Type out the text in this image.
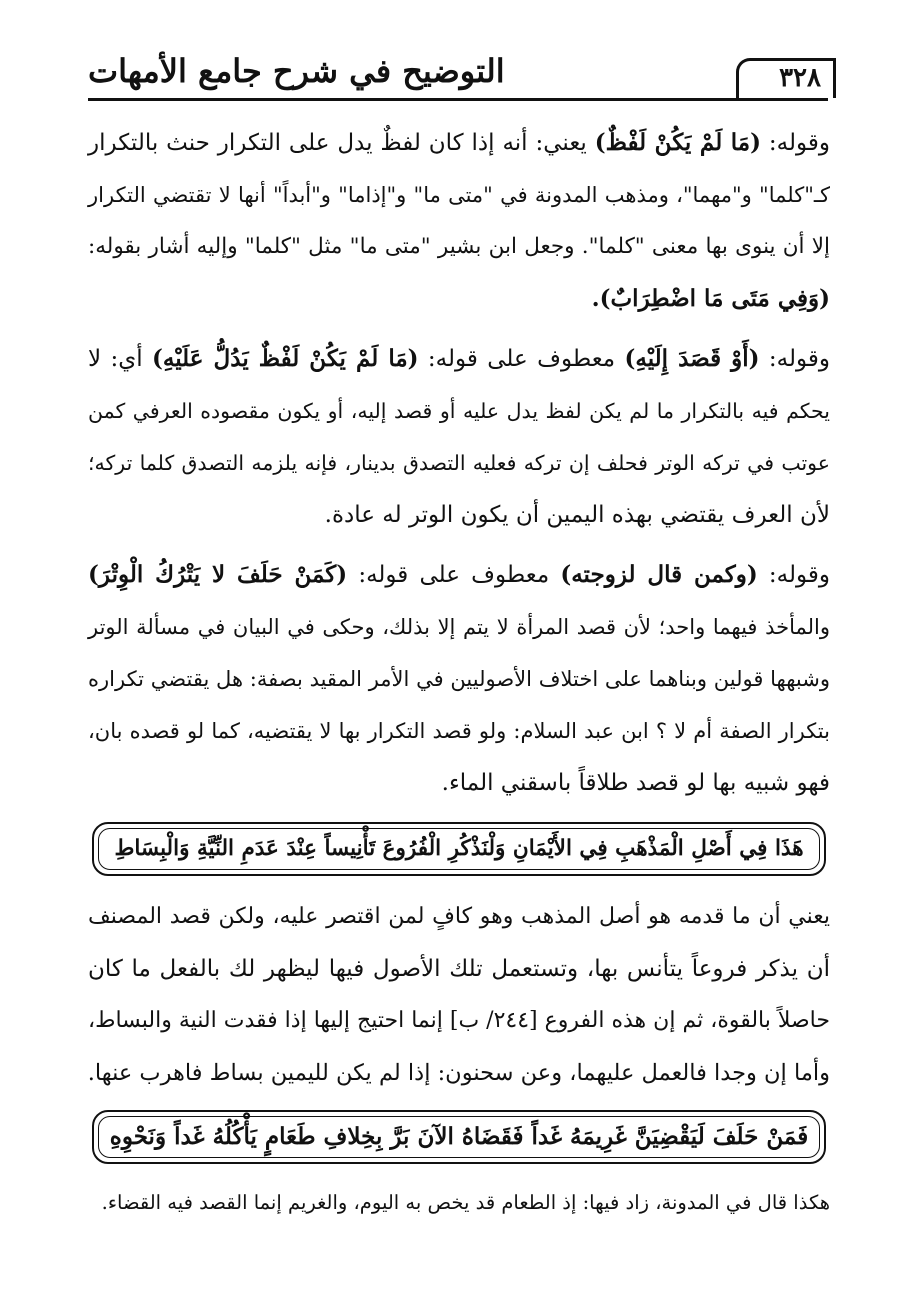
٣٢٨
التوضيح في شرح جامع الأمهات
وقوله: (مَا لَمْ يَكُنْ لَفْظٌ) يعني: أنه إذا كان لفظٌ يدل على التكرار حنث بالتكرار
كـ"كلما" و"مهما"، ومذهب المدونة في "متى ما" و"إذاما" و"أبداً" أنها لا تقتضي التكرار
إلا أن ينوى بها معنى "كلما". وجعل ابن بشير "متى ما" مثل "كلما" وإليه أشار بقوله:
(وَفِي مَتَى مَا اضْطِرَابٌ).
وقوله: (أَوْ قَصَدَ إِلَيْهِ) معطوف على قوله: (مَا لَمْ يَكُنْ لَفْظٌ يَدُلُّ عَلَيْهِ) أي: لا
يحكم فيه بالتكرار ما لم يكن لفظ يدل عليه أو قصد إليه، أو يكون مقصوده العرفي كمن
عوتب في تركه الوتر فحلف إن تركه فعليه التصدق بدينار، فإنه يلزمه التصدق كلما تركه؛
لأن العرف يقتضي بهذه اليمين أن يكون الوتر له عادة.
وقوله: (وكمن قال لزوجته) معطوف على قوله: (كَمَنْ حَلَفَ لا يَتْرُكُ الْوِتْرَ)
والمأخذ فيهما واحد؛ لأن قصد المرأة لا يتم إلا بذلك، وحكى في البيان في مسألة الوتر
وشبهها قولين وبناهما على اختلاف الأصوليين في الأمر المقيد بصفة: هل يقتضي تكراره
بتكرار الصفة أم لا ؟ ابن عبد السلام: ولو قصد التكرار بها لا يقتضيه، كما لو قصده بان،
فهو شبيه بها لو قصد طلاقاً باسقني الماء.
هَذَا فِي أَصْلِ الْمَذْهَبِ فِي الأَيْمَانِ وَلْنَذْكُرِ الْفُرُوعَ تَأْنِيساً عِنْدَ عَدَمِ النِّيَّةِ وَالْبِسَاطِ
يعني أن ما قدمه هو أصل المذهب وهو كافٍ لمن اقتصر عليه، ولكن قصد المصنف
أن يذكر فروعاً يتأنس بها، وتستعمل تلك الأصول فيها ليظهر لك بالفعل ما كان
حاصلاً بالقوة، ثم إن هذه الفروع [٢٤٤/ ب] إنما احتيج إليها إذا فقدت النية والبساط،
وأما إن وجدا فالعمل عليهما، وعن سحنون: إذا لم يكن لليمين بساط فاهرب عنها.
فَمَنْ حَلَفَ لَيَقْضِيَنَّ غَرِيمَهُ غَداً فَقَضَاهُ الآنَ بَرَّ بِخِلافِ طَعَامٍ يَأْكُلُهُ غَداً وَنَحْوِهِ
هكذا قال في المدونة، زاد فيها: إذ الطعام قد يخص به اليوم، والغريم إنما القصد فيه القضاء.
